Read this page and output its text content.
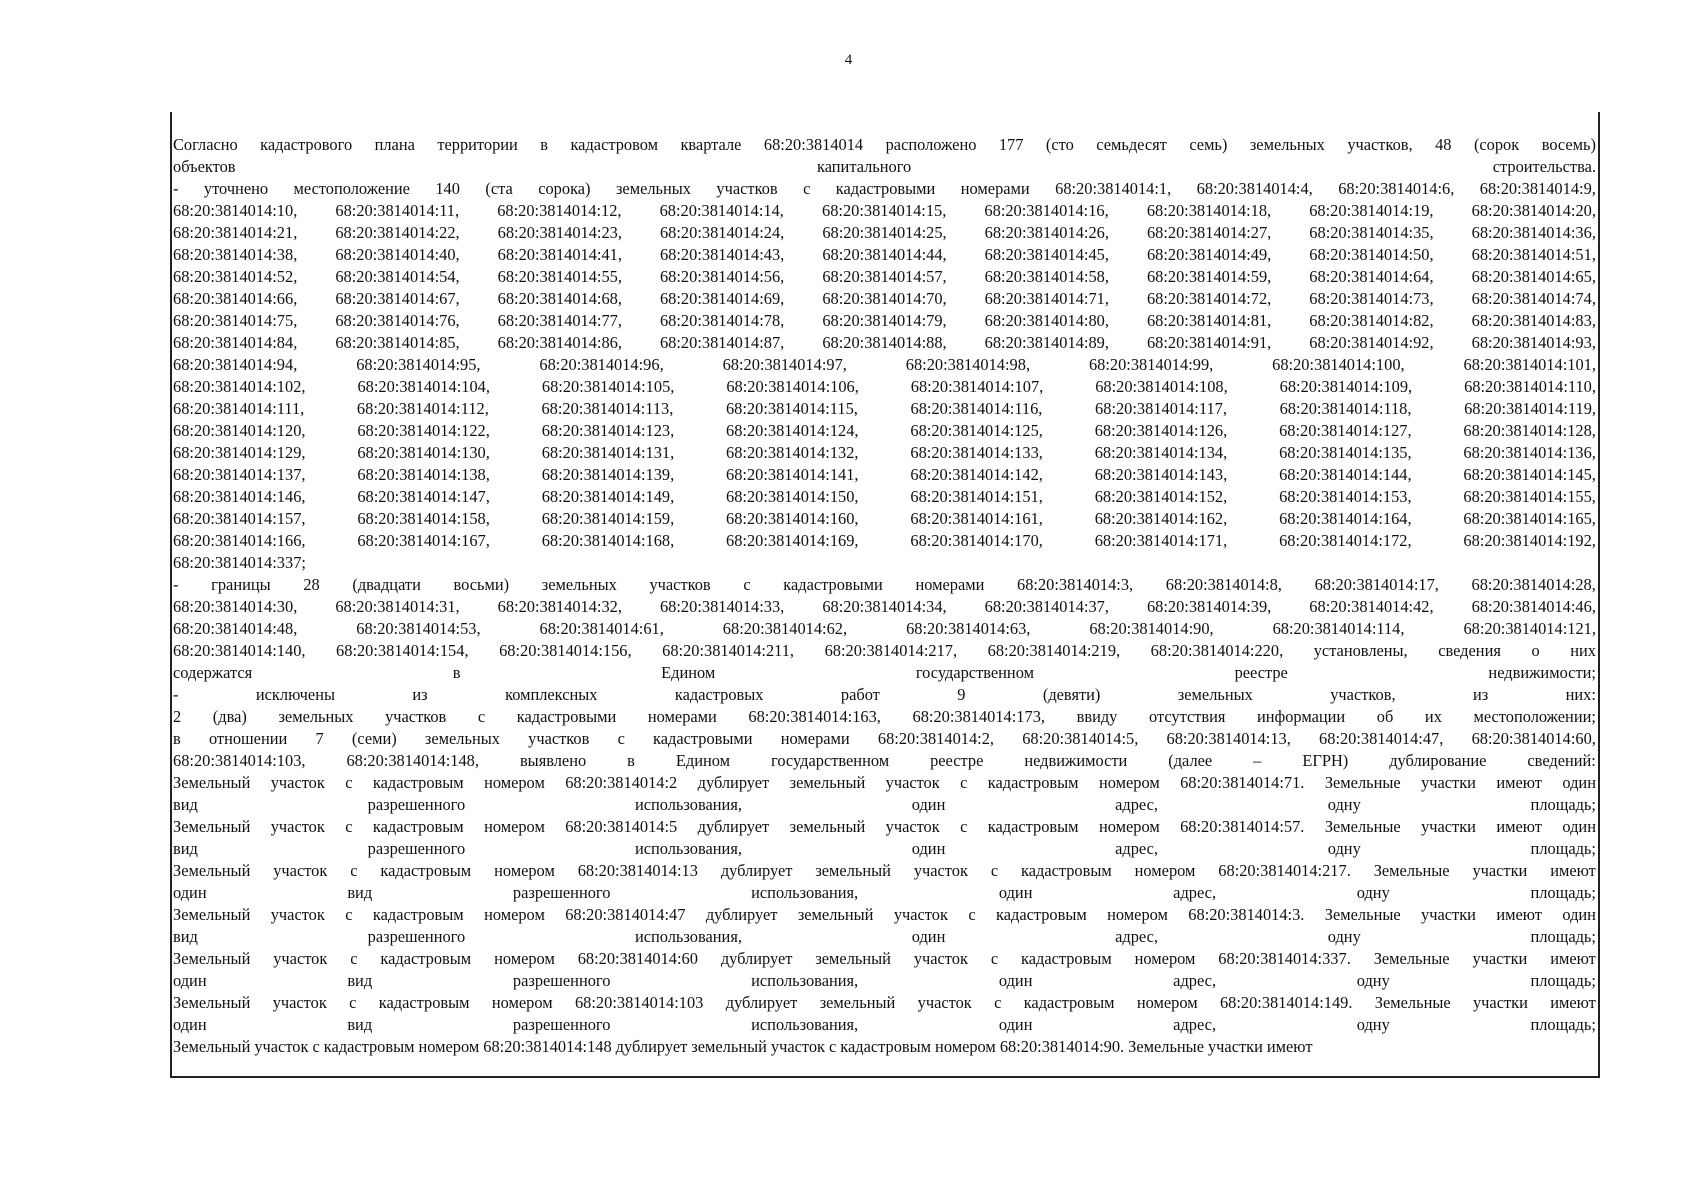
4
Согласно кадастрового плана территории в кадастровом квартале 68:20:3814014 расположено 177 (сто семьдесят семь) земельных участков, 48 (сорок восемь)
объектов	капитального	строительства.
- уточнено местоположение 140 (ста сорока) земельных участков с кадастровыми номерами 68:20:3814014:1, 68:20:3814014:4, 68:20:3814014:6, 68:20:3814014:9,
68:20:3814014:10, 68:20:3814014:11, 68:20:3814014:12, 68:20:3814014:14, 68:20:3814014:15, 68:20:3814014:16, 68:20:3814014:18, 68:20:3814014:19, 68:20:3814014:20,
68:20:3814014:21, 68:20:3814014:22, 68:20:3814014:23, 68:20:3814014:24, 68:20:3814014:25, 68:20:3814014:26, 68:20:3814014:27, 68:20:3814014:35, 68:20:3814014:36,
68:20:3814014:38, 68:20:3814014:40, 68:20:3814014:41, 68:20:3814014:43, 68:20:3814014:44, 68:20:3814014:45, 68:20:3814014:49, 68:20:3814014:50, 68:20:3814014:51,
68:20:3814014:52, 68:20:3814014:54, 68:20:3814014:55, 68:20:3814014:56, 68:20:3814014:57, 68:20:3814014:58, 68:20:3814014:59, 68:20:3814014:64, 68:20:3814014:65,
68:20:3814014:66, 68:20:3814014:67, 68:20:3814014:68, 68:20:3814014:69, 68:20:3814014:70, 68:20:3814014:71, 68:20:3814014:72, 68:20:3814014:73, 68:20:3814014:74,
68:20:3814014:75, 68:20:3814014:76, 68:20:3814014:77, 68:20:3814014:78, 68:20:3814014:79, 68:20:3814014:80, 68:20:3814014:81, 68:20:3814014:82, 68:20:3814014:83,
68:20:3814014:84, 68:20:3814014:85, 68:20:3814014:86, 68:20:3814014:87, 68:20:3814014:88, 68:20:3814014:89, 68:20:3814014:91, 68:20:3814014:92, 68:20:3814014:93,
68:20:3814014:94,	68:20:3814014:95,	68:20:3814014:96,	68:20:3814014:97,	68:20:3814014:98,	68:20:3814014:99,	68:20:3814014:100,	68:20:3814014:101,
68:20:3814014:102,	68:20:3814014:104,	68:20:3814014:105,	68:20:3814014:106,	68:20:3814014:107,	68:20:3814014:108,	68:20:3814014:109,	68:20:3814014:110,
68:20:3814014:111,	68:20:3814014:112,	68:20:3814014:113,	68:20:3814014:115,	68:20:3814014:116,	68:20:3814014:117,	68:20:3814014:118,	68:20:3814014:119,
68:20:3814014:120,	68:20:3814014:122,	68:20:3814014:123,	68:20:3814014:124,	68:20:3814014:125,	68:20:3814014:126,	68:20:3814014:127,	68:20:3814014:128,
68:20:3814014:129,	68:20:3814014:130,	68:20:3814014:131,	68:20:3814014:132,	68:20:3814014:133,	68:20:3814014:134,	68:20:3814014:135,	68:20:3814014:136,
68:20:3814014:137,	68:20:3814014:138,	68:20:3814014:139,	68:20:3814014:141,	68:20:3814014:142,	68:20:3814014:143,	68:20:3814014:144,	68:20:3814014:145,
68:20:3814014:146,	68:20:3814014:147,	68:20:3814014:149,	68:20:3814014:150,	68:20:3814014:151,	68:20:3814014:152,	68:20:3814014:153,	68:20:3814014:155,
68:20:3814014:157,	68:20:3814014:158,	68:20:3814014:159,	68:20:3814014:160,	68:20:3814014:161,	68:20:3814014:162,	68:20:3814014:164,	68:20:3814014:165,
68:20:3814014:166,	68:20:3814014:167,	68:20:3814014:168,	68:20:3814014:169,	68:20:3814014:170,	68:20:3814014:171,	68:20:3814014:172,	68:20:3814014:192,
68:20:3814014:337;
- границы 28 (двадцати восьми) земельных участков с кадастровыми номерами 68:20:3814014:3, 68:20:3814014:8, 68:20:3814014:17, 68:20:3814014:28,
68:20:3814014:30, 68:20:3814014:31, 68:20:3814014:32, 68:20:3814014:33, 68:20:3814014:34, 68:20:3814014:37, 68:20:3814014:39, 68:20:3814014:42, 68:20:3814014:46,
68:20:3814014:48,	68:20:3814014:53,	68:20:3814014:61,	68:20:3814014:62,	68:20:3814014:63,	68:20:3814014:90,	68:20:3814014:114,	68:20:3814014:121,
68:20:3814014:140, 68:20:3814014:154, 68:20:3814014:156, 68:20:3814014:211, 68:20:3814014:217, 68:20:3814014:219, 68:20:3814014:220, установлены, сведения о них
содержатся	в	Едином	государственном	реестре	недвижимости;
-	исключены	из	комплексных	кадастровых	работ	9	(девяти)	земельных	участков,	из	них:
2 (два) земельных участков с кадастровыми номерами 68:20:3814014:163, 68:20:3814014:173, ввиду отсутствия информации об их местоположении;
в отношении 7 (семи) земельных участков с кадастровыми номерами 68:20:3814014:2, 68:20:3814014:5, 68:20:3814014:13, 68:20:3814014:47, 68:20:3814014:60,
68:20:3814014:103, 68:20:3814014:148, выявлено в Едином государственном реестре недвижимости (далее – ЕГРН) дублирование сведений:
Земельный участок с кадастровым номером 68:20:3814014:2 дублирует земельный участок с кадастровым номером 68:20:3814014:71. Земельные участки имеют один
вид	разрешенного	использования,	один	адрес,	одну	площадь;
Земельный участок с кадастровым номером 68:20:3814014:5 дублирует земельный участок с кадастровым номером 68:20:3814014:57. Земельные участки имеют один
вид	разрешенного	использования,	один	адрес,	одну	площадь;
Земельный участок с кадастровым номером 68:20:3814014:13 дублирует земельный участок с кадастровым номером 68:20:3814014:217. Земельные участки имеют
один	вид	разрешенного	использования,	один	адрес,	одну	площадь;
Земельный участок с кадастровым номером 68:20:3814014:47 дублирует земельный участок с кадастровым номером 68:20:3814014:3. Земельные участки имеют один
вид	разрешенного	использования,	один	адрес,	одну	площадь;
Земельный участок с кадастровым номером 68:20:3814014:60 дублирует земельный участок с кадастровым номером 68:20:3814014:337. Земельные участки имеют
один	вид	разрешенного	использования,	один	адрес,	одну	площадь;
Земельный участок с кадастровым номером 68:20:3814014:103 дублирует земельный участок с кадастровым номером 68:20:3814014:149. Земельные участки имеют
один	вид	разрешенного	использования,	один	адрес,	одну	площадь;
Земельный участок с кадастровым номером 68:20:3814014:148 дублирует земельный участок с кадастровым номером 68:20:3814014:90. Земельные участки имеют
